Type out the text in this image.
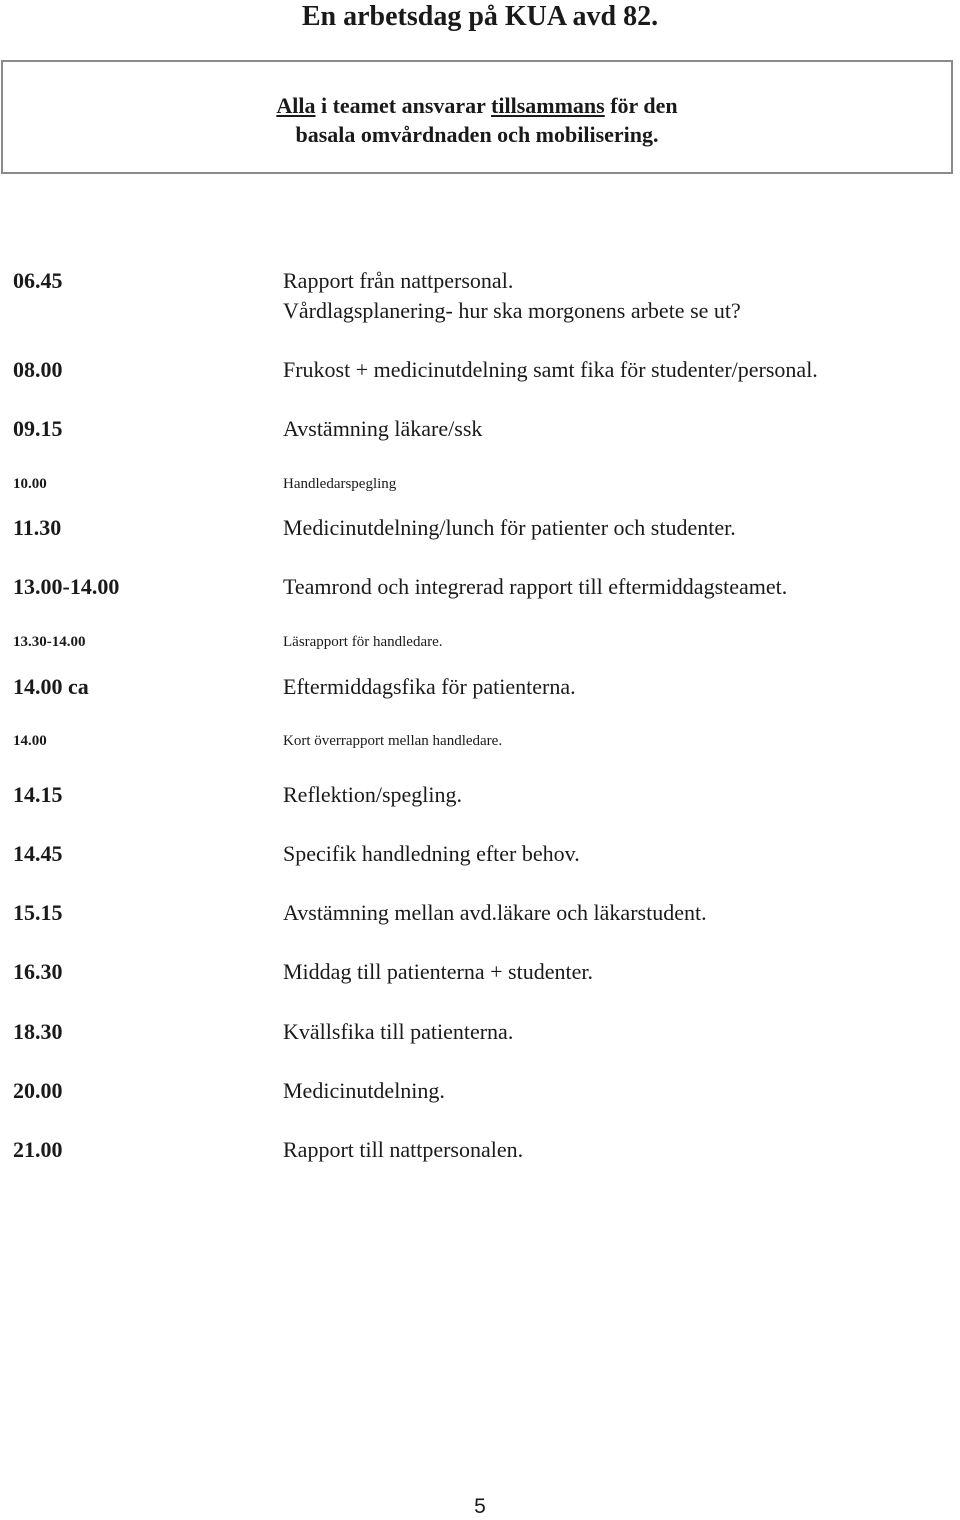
En arbetsdag på KUA avd 82.
Alla i teamet ansvarar tillsammans för den
basala omvårdnaden och mobilisering.
06.45	Rapport från nattpersonal.
Vårdlagsplanering- hur ska morgonens arbete se ut?
08.00	Frukost + medicinutdelning samt fika för studenter/personal.
09.15	Avstämning läkare/ssk
10.00	Handledarspegling
11.30	Medicinutdelning/lunch för patienter och studenter.
13.00-14.00	Teamrond och integrerad rapport till eftermiddagsteamet.
13.30-14.00	Läsrapport för handledare.
14.00 ca	Eftermiddagsfika för patienterna.
14.00	Kort överrapport mellan handledare.
14.15	Reflektion/spegling.
14.45	Specifik handledning efter behov.
15.15	Avstämning mellan avd.läkare och läkarstudent.
16.30	Middag till patienterna + studenter.
18.30	Kvällsfika till patienterna.
20.00	Medicinutdelning.
21.00	Rapport till nattpersonalen.
5
